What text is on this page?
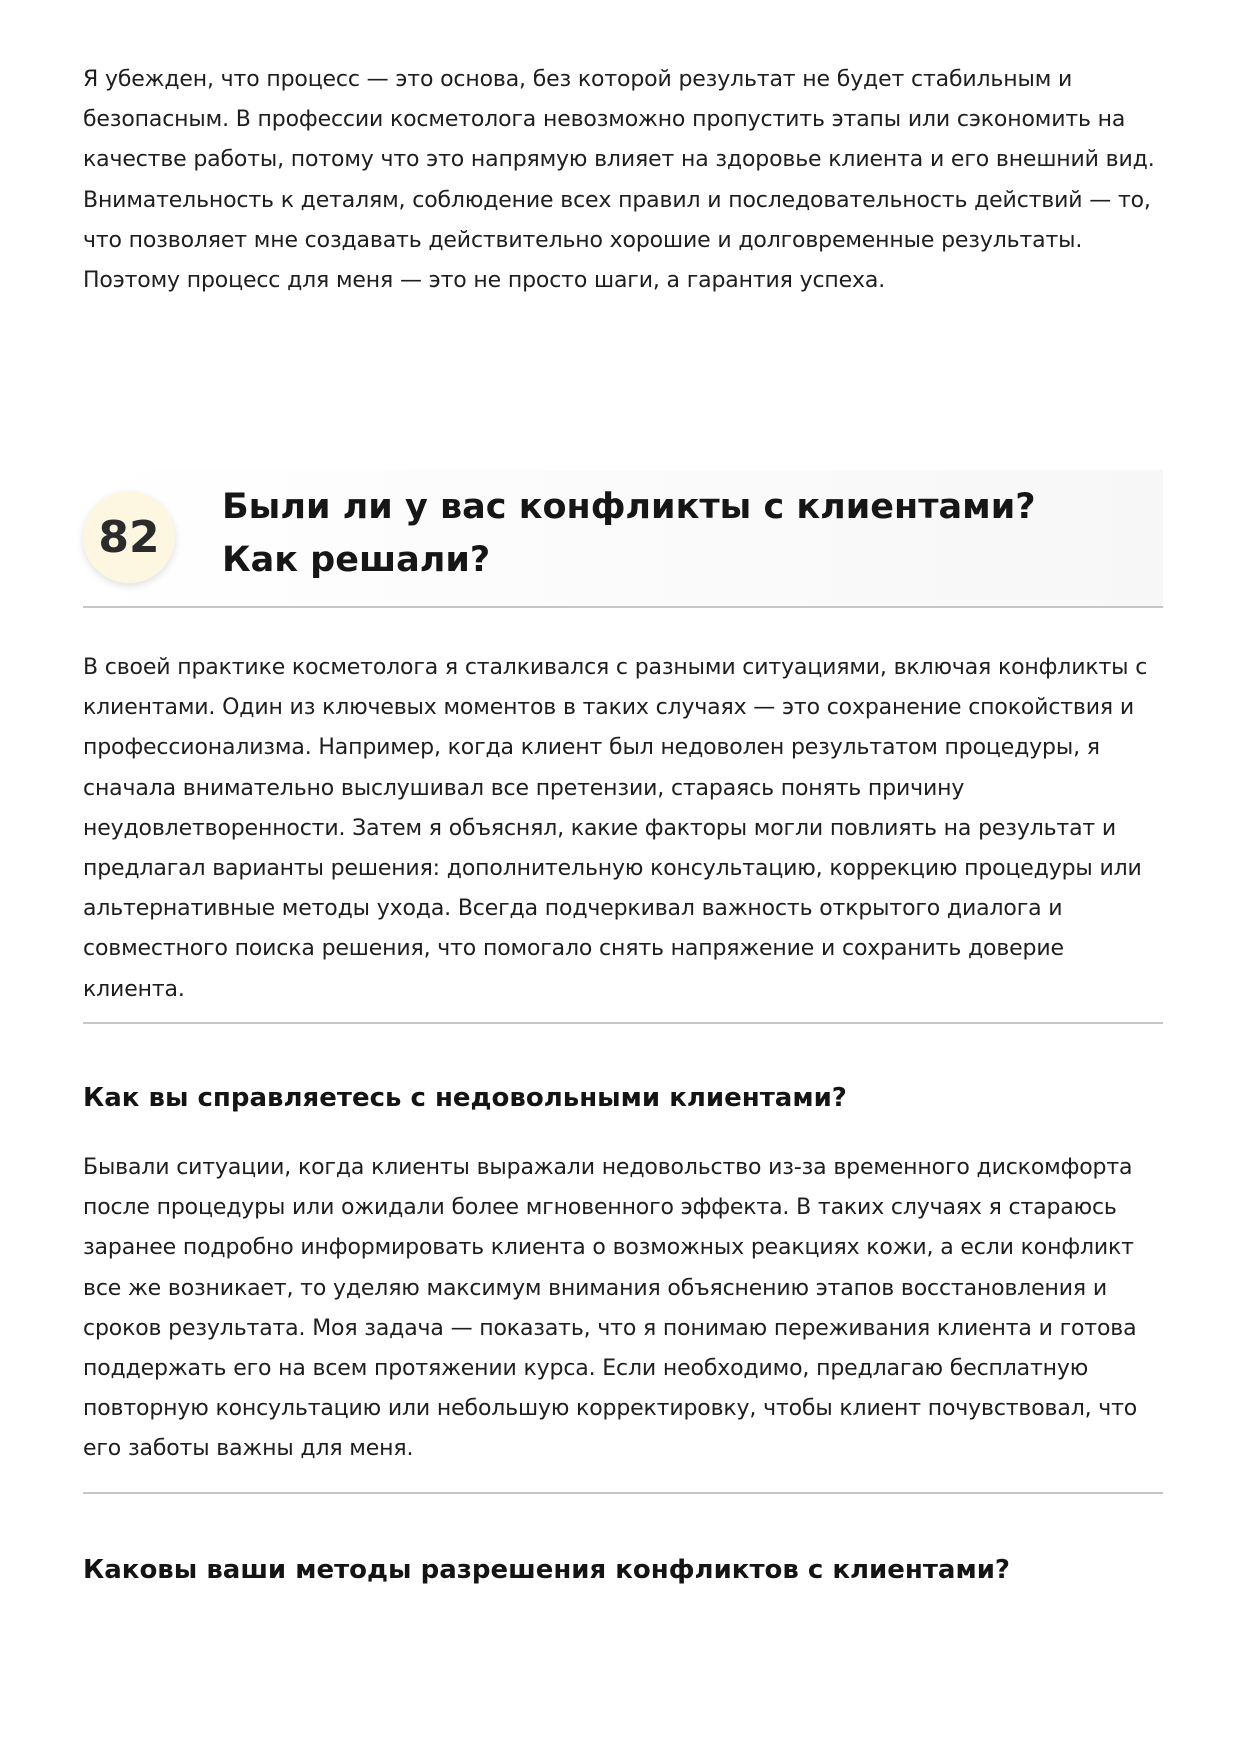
Я убежден, что процесс — это основа, без которой результат не будет стабильным и безопасным. В профессии косметолога невозможно пропустить этапы или сэкономить на качестве работы, потому что это напрямую влияет на здоровье клиента и его внешний вид. Внимательность к деталям, соблюдение всех правил и последовательность действий — то, что позволяет мне создавать действительно хорошие и долговременные результаты. Поэтому процесс для меня — это не просто шаги, а гарантия успеха.

82
Были ли у вас конфликты с клиентами? Как решали?

В своей практике косметолога я сталкивался с разными ситуациями, включая конфликты с клиентами. Один из ключевых моментов в таких случаях — это сохранение спокойствия и профессионализма. Например, когда клиент был недоволен результатом процедуры, я сначала внимательно выслушивал все претензии, стараясь понять причину неудовлетворенности. Затем я объяснял, какие факторы могли повлиять на результат и предлагал варианты решения: дополнительную консультацию, коррекцию процедуры или альтернативные методы ухода. Всегда подчеркивал важность открытого диалога и совместного поиска решения, что помогало снять напряжение и сохранить доверие клиента.

Как вы справляетесь с недовольными клиентами?

Бывали ситуации, когда клиенты выражали недовольство из-за временного дискомфорта после процедуры или ожидали более мгновенного эффекта. В таких случаях я стараюсь заранее подробно информировать клиента о возможных реакциях кожи, а если конфликт все же возникает, то уделяю максимум внимания объяснению этапов восстановления и сроков результата. Моя задача — показать, что я понимаю переживания клиента и готова поддержать его на всем протяжении курса. Если необходимо, предлагаю бесплатную повторную консультацию или небольшую корректировку, чтобы клиент почувствовал, что его заботы важны для меня.

Каковы ваши методы разрешения конфликтов с клиентами?
